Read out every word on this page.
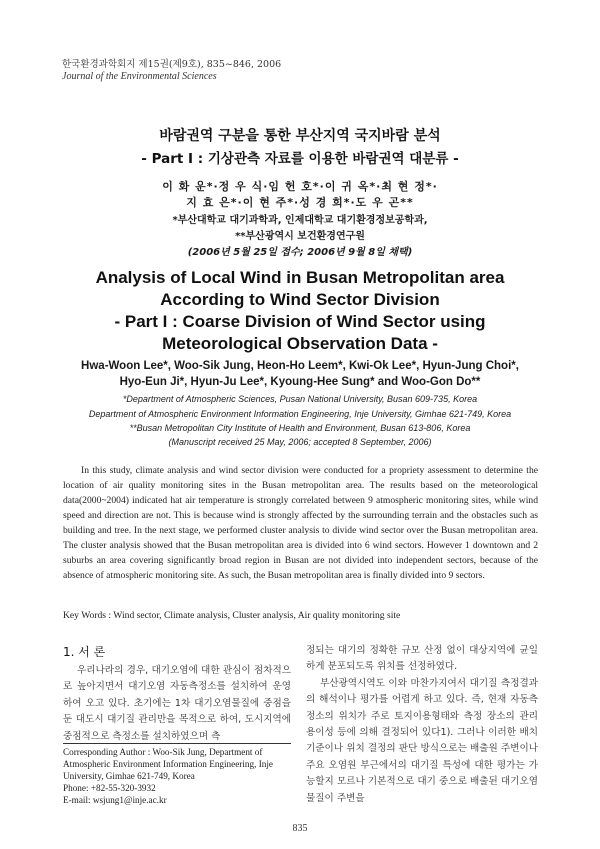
한국환경과학회지 제15권(제9호), 835~846, 2006
Journal of the Environmental Sciences
바람권역 구분을 통한 부산지역 국지바람 분석
- Part I : 기상관측 자료를 이용한 바람권역 대분류 -
이 화 운*·정 우 식·임 헌 호*·이 귀 옥*·최 현 정*·
지 효 은*·이 현 주*·성 경 희*·도 우 곤**
*부산대학교 대기과학과, 인제대학교 대기환경정보공학과,
**부산광역시 보건환경연구원
(2006년 5월 25일 접수; 2006년 9월 8일 채택)
Analysis of Local Wind in Busan Metropolitan area
According to Wind Sector Division
- Part I : Coarse Division of Wind Sector using
Meteorological Observation Data -
Hwa-Woon Lee*, Woo-Sik Jung, Heon-Ho Leem*, Kwi-Ok Lee*, Hyun-Jung Choi*,
Hyo-Eun Ji*, Hyun-Ju Lee*, Kyoung-Hee Sung* and Woo-Gon Do**
*Department of Atmospheric Sciences, Pusan National University, Busan 609-735, Korea
Department of Atmospheric Environment Information Engineering, Inje University, Gimhae 621-749, Korea
**Busan Metropolitan City Institute of Health and Environment, Busan 613-806, Korea
(Manuscript received 25 May, 2006; accepted 8 September, 2006)

In this study, climate analysis and wind sector division were conducted for a propriety assessment to determine the location of air quality monitoring sites in the Busan metropolitan area. The results based on the meteorological data(2000~2004) indicated hat air temperature is strongly correlated between 9 atmospheric monitoring sites, while wind speed and direction are not. This is because wind is strongly affected by the surrounding terrain and the obstacles such as building and tree. In the next stage, we performed cluster analysis to divide wind sector over the Busan metropolitan area. The cluster analysis showed that the Busan metropolitan area is divided into 6 wind sectors. However 1 downtown and 2 suburbs an area covering significantly broad region in Busan are not divided into independent sectors, because of the absence of atmospheric monitoring site. As such, the Busan metropolitan area is finally divided into 9 sectors.

Key Words : Wind sector, Climate analysis, Cluster analysis, Air quality monitoring site
1. 서 론

우리나라의 경우, 대기오염에 대한 관심이 점차적으로 높아지면서 대기오염 자동측정소를 설치하여 운영하여 오고 있다. 초기에는 1차 대기오염물질에 중점을 둔 대도시 대기질 관리만을 목적으로 하여, 도시지역에 중점적으로 측정소를 설치하였으며 측

정되는 대기의 정확한 규모 산정 없이 대상지역에 균일하게 분포되도록 위치를 선정하였다.

부산광역시역도 이와 마찬가지여서 대기질 측정결과의 해석이나 평가를 어렵게 하고 있다. 즉, 현재 자동측정소의 위치가 주로 토지이용형태와 측정 장소의 관리 용이성 등에 의해 결정되어 있다1). 그러나 이러한 배치기준이나 위치 결정의 판단 방식으로는 배출원 주변이나 주요 오염원 부근에서의 대기질 특성에 대한 평가는 가능할지 모르나 기본적으로 대기 중으로 배출된 대기오염물질이 주변을

Corresponding Author : Woo-Sik Jung, Department of
Atmospheric Environment Information Engineering, Inje
University, Gimhae 621-749, Korea
Phone: +82-55-320-3932
E-mail: wsjung1@inje.ac.kr
835
